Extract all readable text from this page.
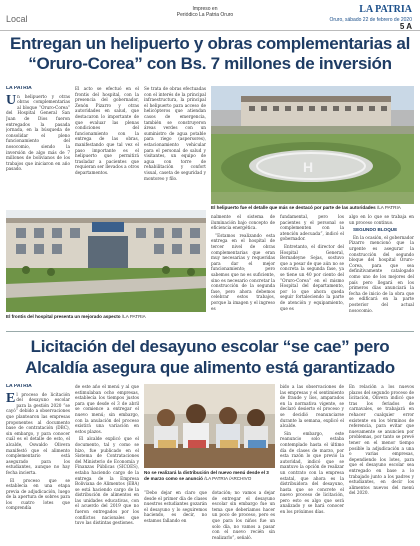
Local
Impreso en
Periódico La Patria Oruro	LA PATRIA
Oruro, sábado 22 de febrero de 2020
5 A
Entregan un helipuerto y obras complementarias al “Oruro-Corea” con Bs. 7 millones de inversión

LA PATRIA

Un helipuerto y otras obras complementarias al bloque “Oruro-Corea” del Hospital General San Juan de Dios fueron entregados la pasada jornada, en la búsqueda de consolidar el pleno funcionamiento del nosocomio, siendo la inversión de algo más de 7 millones de bolivianos de los trabajos que iniciaron en año pasado.

El acto se efectuó en el frontis del hospital, con la presencia del gobernador, Zenón Pizarro y otras autoridades en salud, que destacaron lo importante de que evaluar las plenas condiciones del funcionamiento con la entrega de las obras, manifestando que tal vez el paso importante es el helipuerto que permitirá trasladar a pacientes que requieran ser llevados a otros departamentos.

Se trata de obras efectuadas con el interés de la principal infraestructura, la principal el helipuerto para acceso de helicópteros que atiendan casos de emergencia, también se construyeron áreas verdes con un suministro de agua potable para riego (aspersores), estacionamiento vehicular para el personal de salud y visitantes, un equipo de agua con torre de rehabilitación y confort visual, caseta de seguridad y montoreo y filo.

H
El helipuerto fue el detalle que más se destacó por parte de las autoridades /LA PATRIA
El frontis del hospital presenta un mejorado aspecto /LA PATRIA

nalmente el sistema de iluminación bajo concepto de eficiencia energética.

“Estamos realizando esta entrega en el hospital de tercer nivel de obras complementarias que eran muy necesarias y requeridas para dar el mejor funcionamiento; pero sabemos que no es suficiente, sino es necesario concretar la construcción de la segunda fase, pero ahora debemos celebrar estos trabajos, porque la imagen y el ingreso es

fundamental, pero los pacientes y el personal se complementen con la atención adecuada”, indicó el gobernador.

Entretanto, el director del Hospital General, Bernadeyne Sejas, sostuvo que a pesar de que aún no se concreta la segunda fase, ya se tiene un 40 por ciento del “Oruro-Corea” en el mismo Hospital del departamento, por lo que ahora queda seguir fortaleciendo la parte de atención y equipamiento, que es

algo en lo que se trabaja en un proceso continuo.

SEGUNDO BLOQUE

En la ocasión, el gobernador Pizarro mencionó que la urgente es asegurar la construcción del segundo bloque del hospital Oruro-Corea, para que sea definitivamente catalogado como uno de los mejores del país pero llegará en los primeros días anunciará la fecha de inicio de la obra que se edificará en la parte posterior del actual nosocomio.

Licitación del desayuno escolar “se cae” pero Alcaldía asegura que alimento está garantizado

LA PATRIA

El proceso de licitación del desayuno escolar para la gestión 2020 “se cayó” debido a observaciones que plantearon las empresas proponentes al documento base de contratación (DBC), sin embargo, y para conocer cuál es el detalle de esto, el alcalde, Oswaldo Olivera manifestó que el alimento complementario está asegurado para los estudiantes, aunque no hay fecha incierta.

El proceso que se establecía en una etapa previa de adjudicación, luego de la apertura de sobres para los cuatro lotes que comprendía

de este año el menú y al que estimulaban ocho empresas, establecía los tiempos justos para que desde el 3 de abril se comience a entregar el nuevo menú; sin embargo, con la anulación del proceso existirá una variación en estos plazos.

El alcalde explicó que el documento, tal y como se hizo, fue publicado en el Sistema de Contrataciones del Ministerio de Economía y Finanzas Públicas (SICOES), estaba haciendo cargo de la entrega de la Empresa Boliviana de Alimentos (EBA) se está haciendo cargo de la distribución de alimentos en las unidades educativas, con el acuerdo del 2019 que no fueron entregados por los conflictos nacionales que tuvo las distintas gestiones.

No se realizará la distribución del nuevo menú desde el 3 de marzo como se anunció /LA PATRIA /ARCHIVO

“Debo dejar en claro que desde el primer día de clases nuestros estudiantes gozarán el desayuno y lo seguiremos haciendo, es decir, no estamos fallando en

dotación; no vamos a dejar de entregar el desayuno escolar sin embargo fue un tema que deberíamos hacer un poco de proceso, pero es que para los niños fue un solo día, no vamos a pasar con el nuevo recién sin realizarlo”, señaló.

bido a las observaciones de las empresas y el sentimiento de fraude y líos, amparados en la normativa vigente, se declaró desierto el proceso y se decidió reanunciarse durante la semana, explicó el alcalde.

Sin embargo, este reanuncio solo estaba contemplado hasta el último día de clases de marzo, por esta razón lo que previó la autoridad, indicó que se mantuvo la opción de realizar un contrato con la empresa estatal, que ahora es la distribuidora del desayuno, hasta que se concrete el nuevo proceso de licitación, pero esto es algo que será analizado y se hará conocer en los próximos días.

En relación a los nuevos plazos del segundo proceso de licitación, Olivera indicó que tras los feriados de carnavales, se trabajará en rehacer cualquier error existente en los términos de referencia, para evitar que nuevamente se anuncien por problemas, por tanto se prevé tener en el menor tiempo posible la adjudicación a una o varias empresas, dependiendo los lotes, para que el desayuno escolar sea entregado en base a lo trabajado junto a los padres y estudiantes, en decir los alimentos nuevos del menú del 2020.
